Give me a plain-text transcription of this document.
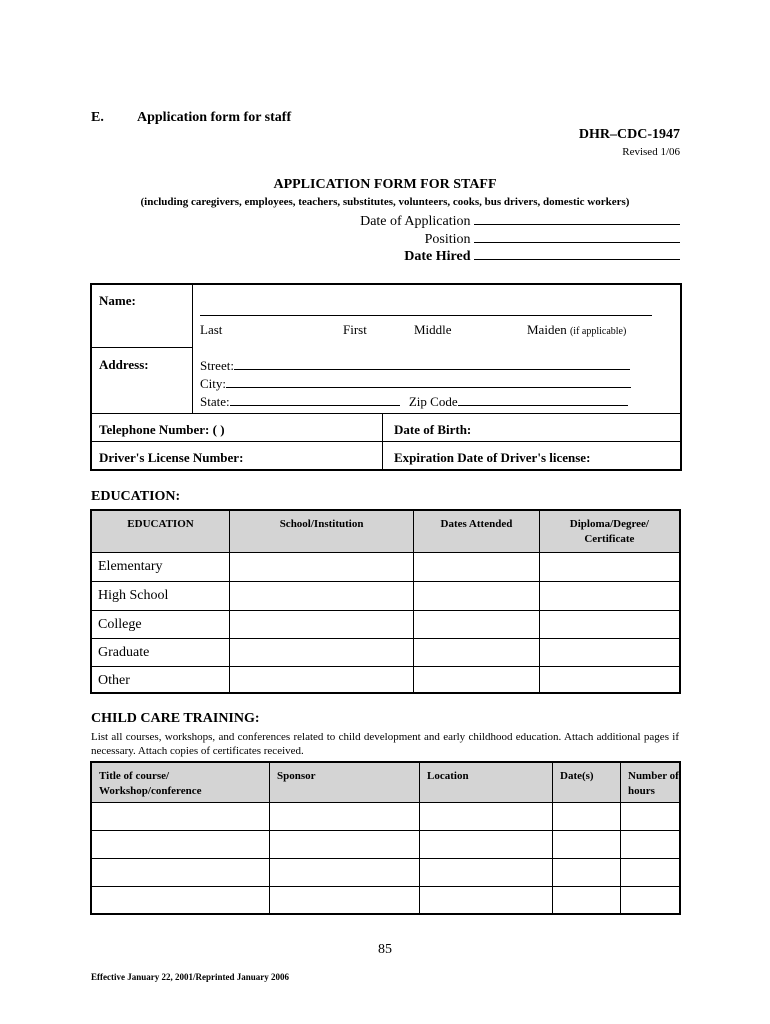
E. Application form for staff
DHR–CDC-1947
Revised 1/06
APPLICATION FORM FOR STAFF
(including caregivers, employees, teachers, substitutes, volunteers, cooks, bus drivers, domestic workers)
Date of Application
Position
Date Hired
Name:
Last	First	Middle	Maiden (if applicable)
Address:	Street:
City:
State:	Zip Code
Telephone Number: ( )	Date of Birth:
Driver's License Number:	Expiration Date of Driver's license:
EDUCATION:
EDUCATION	School/Institution	Dates Attended	Diploma/Degree/ Certificate
Elementary			
High School			
College			
Graduate			
Other			
CHILD CARE TRAINING:
List all courses, workshops, and conferences related to child development and early childhood education. Attach additional pages if necessary. Attach copies of certificates received.
Title of course/ Workshop/conference	Sponsor	Location	Date(s)	Number of hours

85
Effective January 22, 2001/Reprinted January 2006
